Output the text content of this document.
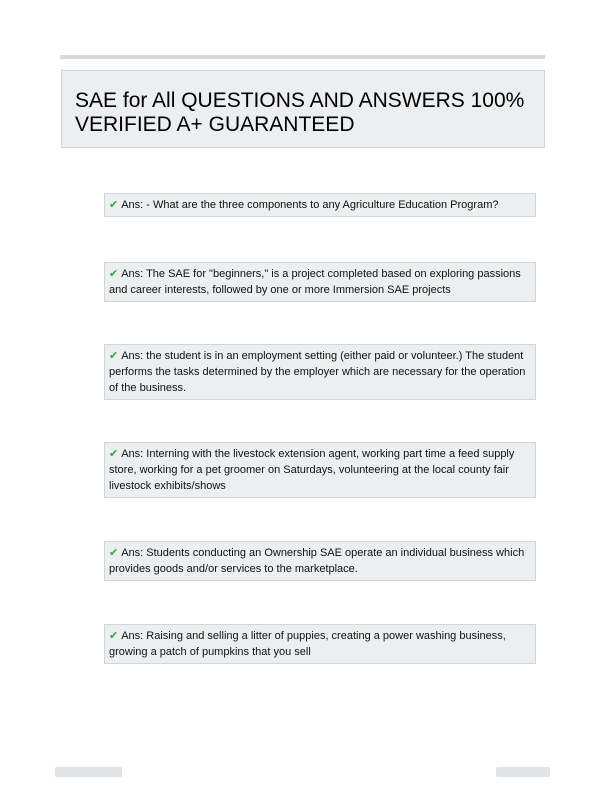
SAE for All QUESTIONS AND ANSWERS 100% VERIFIED A+ GUARANTEED
✔ Ans: - What are the three components to any Agriculture Education Program?
✔ Ans: The SAE for "beginners," is a project completed based on exploring passions and career interests, followed by one or more Immersion SAE projects
✔ Ans: the student is in an employment setting (either paid or volunteer.) The student performs the tasks determined by the employer which are necessary for the operation of the business.
✔ Ans: Interning with the livestock extension agent, working part time a feed supply store, working for a pet groomer on Saturdays, volunteering at the local county fair livestock exhibits/shows
✔ Ans: Students conducting an Ownership SAE operate an individual business which provides goods and/or services to the marketplace.
✔ Ans: Raising and selling a litter of puppies, creating a power washing business, growing a patch of pumpkins that you sell
